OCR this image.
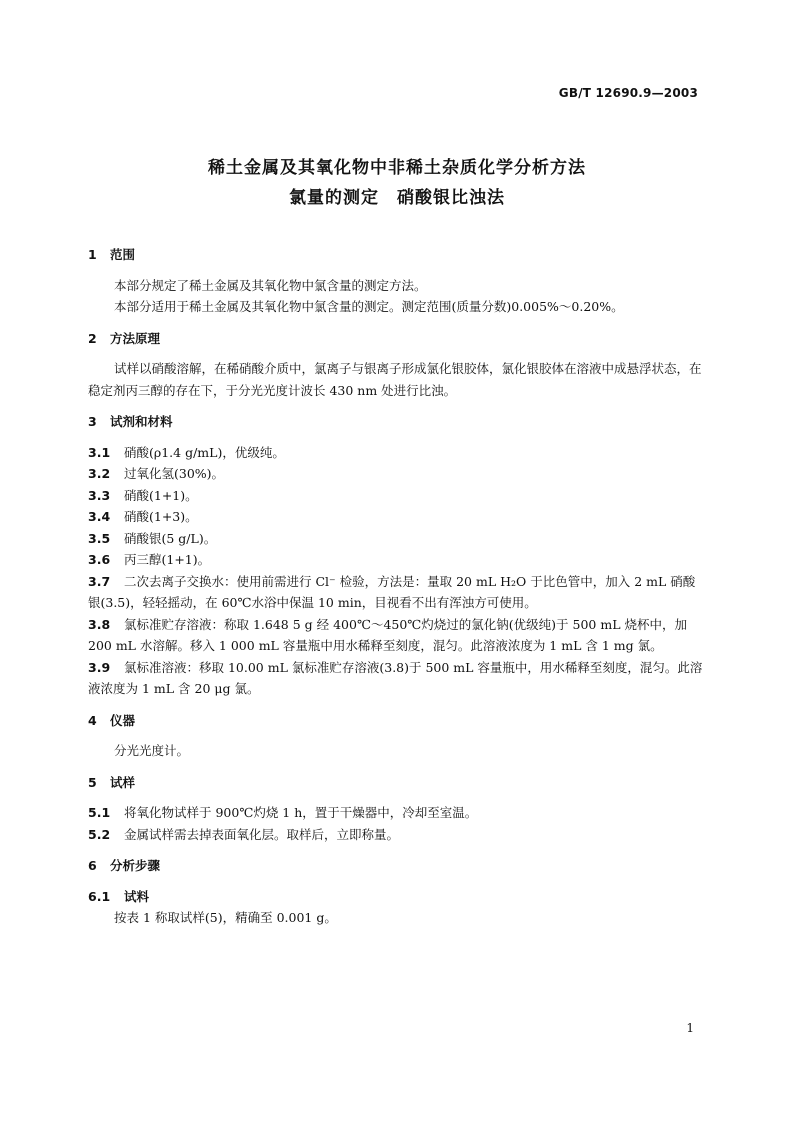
GB/T 12690.9—2003
稀土金属及其氧化物中非稀土杂质化学分析方法
氯量的测定　硝酸银比浊法
1 范围

本部分规定了稀土金属及其氧化物中氯含量的测定方法。

本部分适用于稀土金属及其氧化物中氯含量的测定。测定范围(质量分数)0.005%～0.20%。

2 方法原理

试样以硝酸溶解，在稀硝酸介质中，氯离子与银离子形成氯化银胶体，氯化银胶体在溶液中成悬浮状态，在稳定剂丙三醇的存在下，于分光光度计波长 430 nm 处进行比浊。

3 试剂和材料

3.1 硝酸(ρ1.4 g/mL)，优级纯。

3.2 过氧化氢(30%)。

3.3 硝酸(1+1)。

3.4 硝酸(1+3)。

3.5 硝酸银(5 g/L)。

3.6 丙三醇(1+1)。

3.7 二次去离子交换水：使用前需进行 Cl⁻ 检验，方法是：量取 20 mL H₂O 于比色管中，加入 2 mL 硝酸银(3.5)，轻轻摇动，在 60℃水浴中保温 10 min，目视看不出有浑浊方可使用。

3.8 氯标准贮存溶液：称取 1.648 5 g 经 400℃～450℃灼烧过的氯化钠(优级纯)于 500 mL 烧杯中，加 200 mL 水溶解。移入 1 000 mL 容量瓶中用水稀释至刻度，混匀。此溶液浓度为 1 mL 含 1 mg 氯。

3.9 氯标准溶液：移取 10.00 mL 氯标准贮存溶液(3.8)于 500 mL 容量瓶中，用水稀释至刻度，混匀。此溶液浓度为 1 mL 含 20 μg 氯。

4 仪器

分光光度计。

5 试样

5.1 将氧化物试样于 900℃灼烧 1 h，置于干燥器中，冷却至室温。

5.2 金属试样需去掉表面氧化层。取样后，立即称量。

6 分析步骤
6.1 试料

按表 1 称取试样(5)，精确至 0.001 g。

1
